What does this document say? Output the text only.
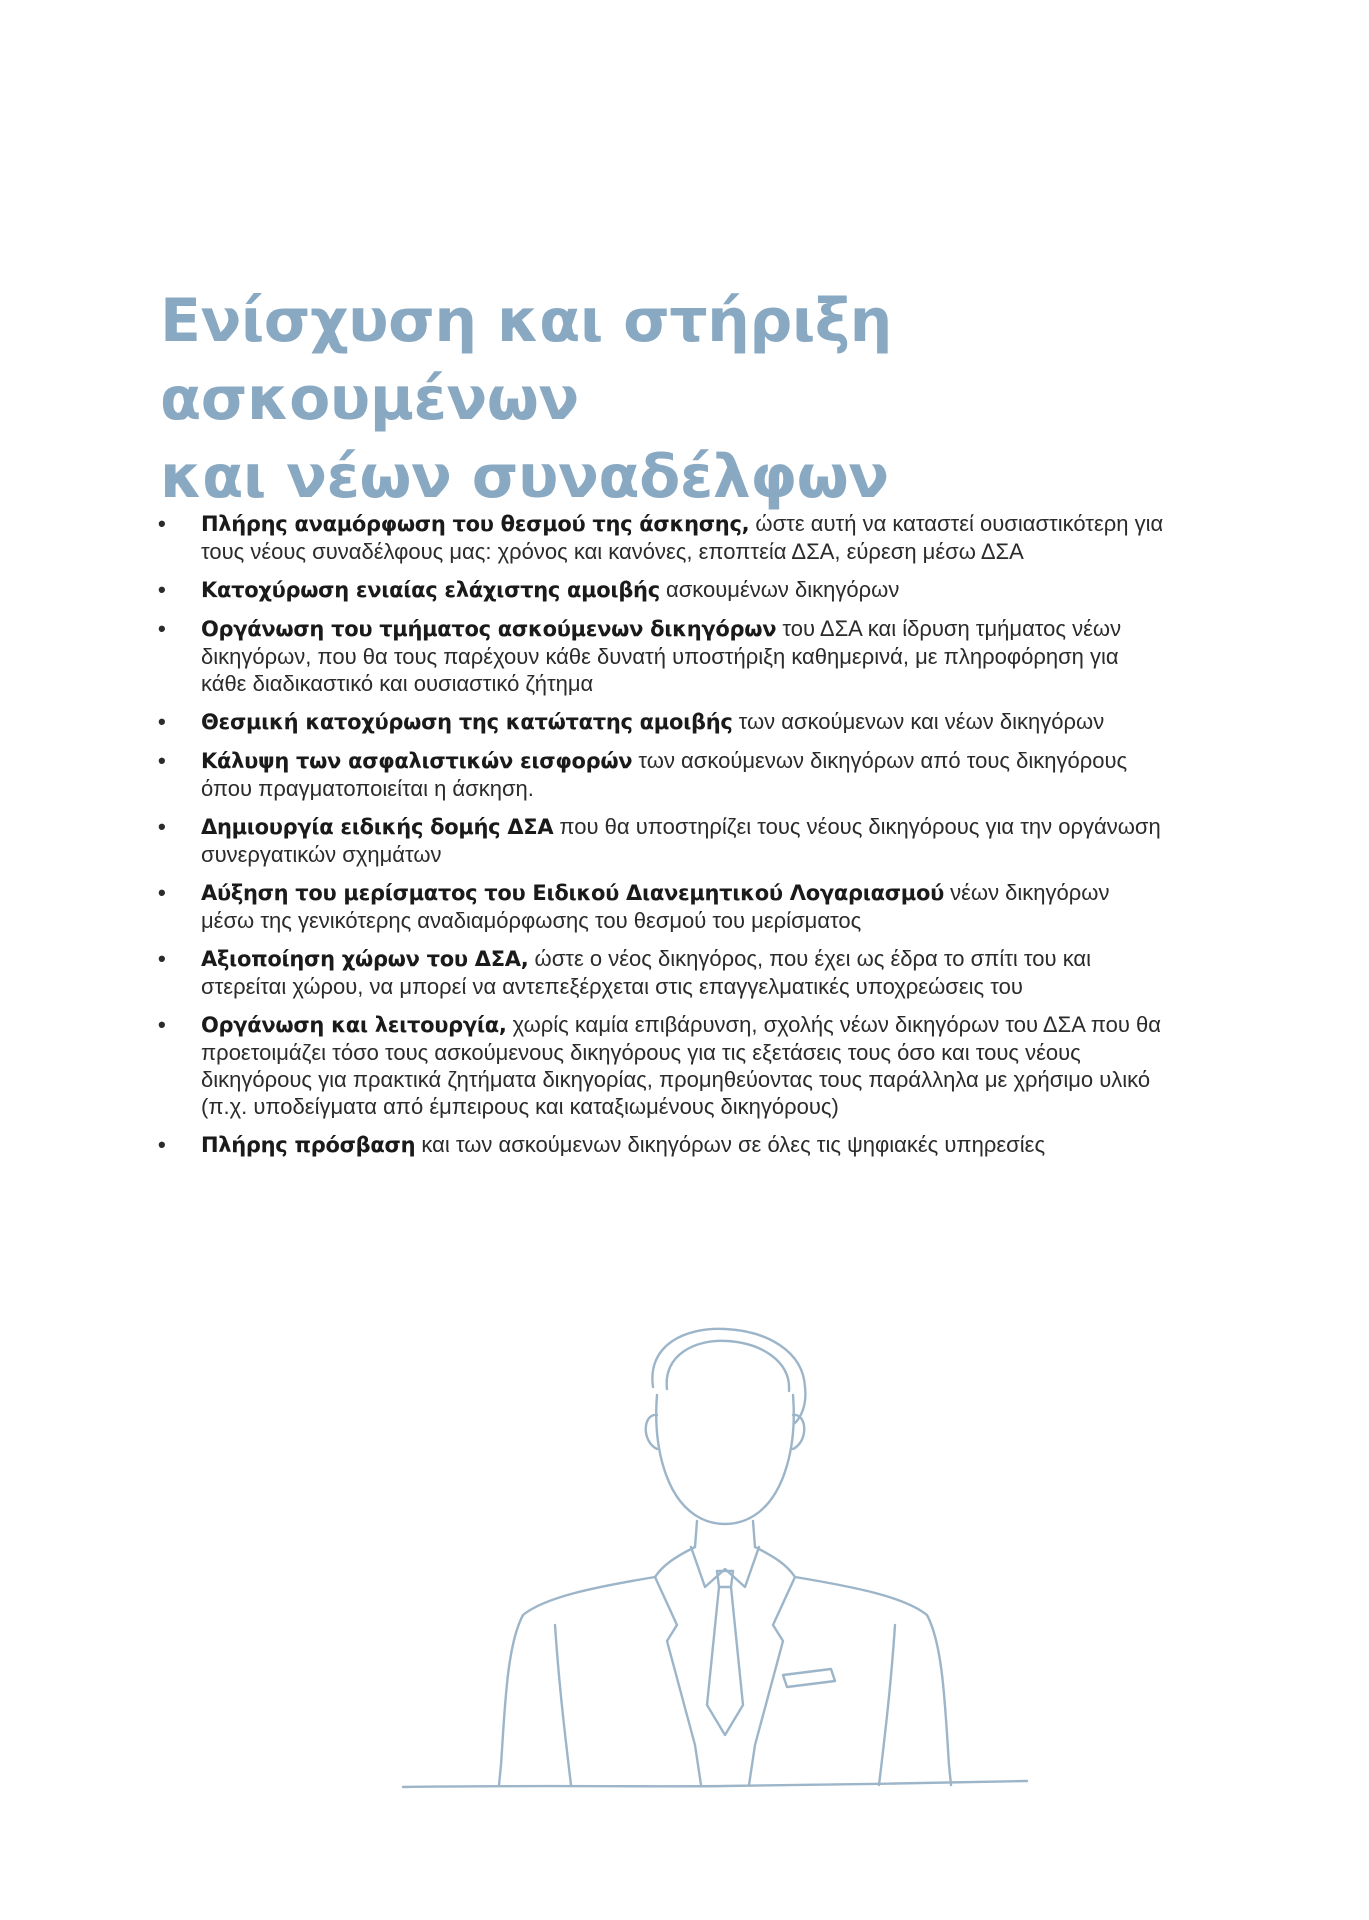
Ενίσχυση και στήριξη ασκουμένων
και νέων συναδέλφων
• Πλήρης αναμόρφωση του θεσμού της άσκησης, ώστε αυτή να καταστεί ουσιαστικότερη για τους νέους συναδέλφους μας: χρόνος και κανόνες, εποπτεία ΔΣΑ, εύρεση μέσω ΔΣΑ
• Κατοχύρωση ενιαίας ελάχιστης αμοιβής ασκουμένων δικηγόρων
• Οργάνωση του τμήματος ασκούμενων δικηγόρων του ΔΣΑ και ίδρυση τμήματος νέων δικηγόρων, που θα τους παρέχουν κάθε δυνατή υποστήριξη καθημερινά, με πληροφόρηση για κάθε διαδικαστικό και ουσιαστικό ζήτημα
• Θεσμική κατοχύρωση της κατώτατης αμοιβής των ασκούμενων και νέων δικηγόρων
• Κάλυψη των ασφαλιστικών εισφορών των ασκούμενων δικηγόρων από τους δικηγόρους όπου πραγματοποιείται η άσκηση.
• Δημιουργία ειδικής δομής ΔΣΑ που θα υποστηρίζει τους νέους δικηγόρους για την οργάνωση συνεργατικών σχημάτων
• Αύξηση του μερίσματος του Ειδικού Διανεμητικού Λογαριασμού νέων δικηγόρων μέσω της γενικότερης αναδιαμόρφωσης του θεσμού του μερίσματος
• Αξιοποίηση χώρων του ΔΣΑ, ώστε ο νέος δικηγόρος, που έχει ως έδρα το σπίτι του και στερείται χώρου, να μπορεί να αντεπεξέρχεται στις επαγγελματικές υποχρεώσεις του
• Οργάνωση και λειτουργία, χωρίς καμία επιβάρυνση, σχολής νέων δικηγόρων του ΔΣΑ που θα προετοιμάζει τόσο τους ασκούμενους δικηγόρους για τις εξετάσεις τους όσο και τους νέους δικηγόρους για πρακτικά ζητήματα δικηγορίας, προμηθεύοντας τους παράλληλα με χρήσιμο υλικό (π.χ. υποδείγματα από έμπειρους και καταξιωμένους δικηγόρους)
• Πλήρης πρόσβαση και των ασκούμενων δικηγόρων σε όλες τις ψηφιακές υπηρεσίες
